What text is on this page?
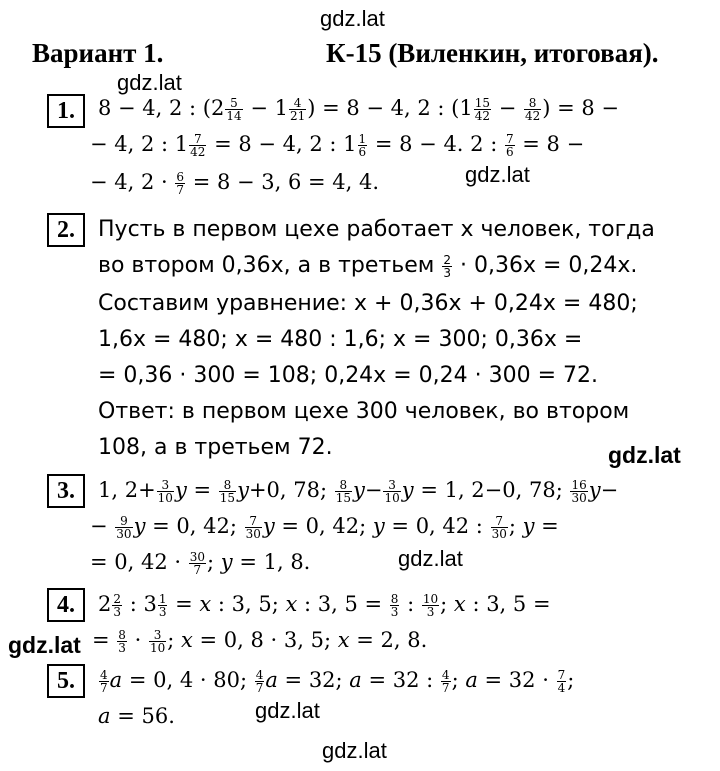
gdz.lat
gdz.lat
gdz.lat
gdz.lat
gdz.lat
gdz.lat
gdz.lat
gdz.lat
Вариант 1.	К-15 (Виленкин, итоговая).
1.	8 − 4, 2 : ($2 \frac{5}{14} - 1 \frac{4}{21}$ ) = 8 − 4, 2 : ($1 \frac{15}{42} - \frac{8}{42}$ ) = 8 −
− 4, 2 : $1 \frac{7}{42} = 8 - 4$, 2 : $1 \frac{1}{6} = 8 - 4$. 2 : $\frac{7}{6} = 8$ −
− 4, $2 \cdot \frac{6}{7} = 8 - 3$, 6 = 4, 4.
2.	Пусть в первом цехе работает x человек, тогда
во втором 0,36x, а в третьем $\frac{2}{3} \cdot 0,36x = 0,24x$.
Составим уравнение: x + 0,36x + 0,24x = 480;
1,6x = 480; x = 480 : 1,6; x = 300; 0,36x =
= 0,36 · 300 = 108; 0,24x = 0,24 · 300 = 72.
Ответ: в первом цехе 300 человек, во втором
108, а в третьем 72.
3.	1, $2+ \frac{3}{10}$ $y = \frac{8}{15} y+0$, 78; $\frac{8}{15} y- \frac{3}{10}$ y = 1, 2−0, 78; $\frac{16}{30} y-$
− $\frac{9}{30}$ y = 0, 42; $\frac{7}{30}$ y = 0, 42; y = 0, 42 : $\frac{7}{30}$ ; y =
= 0, $42 \cdot \frac{30}{7}$ ; y = 1, 8.
4.	$2 \frac{2}{3}$ : $3 \frac{1}{3} = x$ : 3, 5; x : 3, $5 = \frac{8}{3}$ : $\frac{10}{3}$ ; x : 3, 5 =
= $\frac{8}{3} \cdot \frac{3}{10}$ ; x = 0, 8 · 3, 5; x = 2, 8.
5.	$\frac{4}{7}$ a = 0, 4 · 80; $\frac{4}{7}$ a = 32; a = 32 : $\frac{4}{7}$ ; $a = 32 \cdot \frac{7}{4}$ ;
a = 56.
